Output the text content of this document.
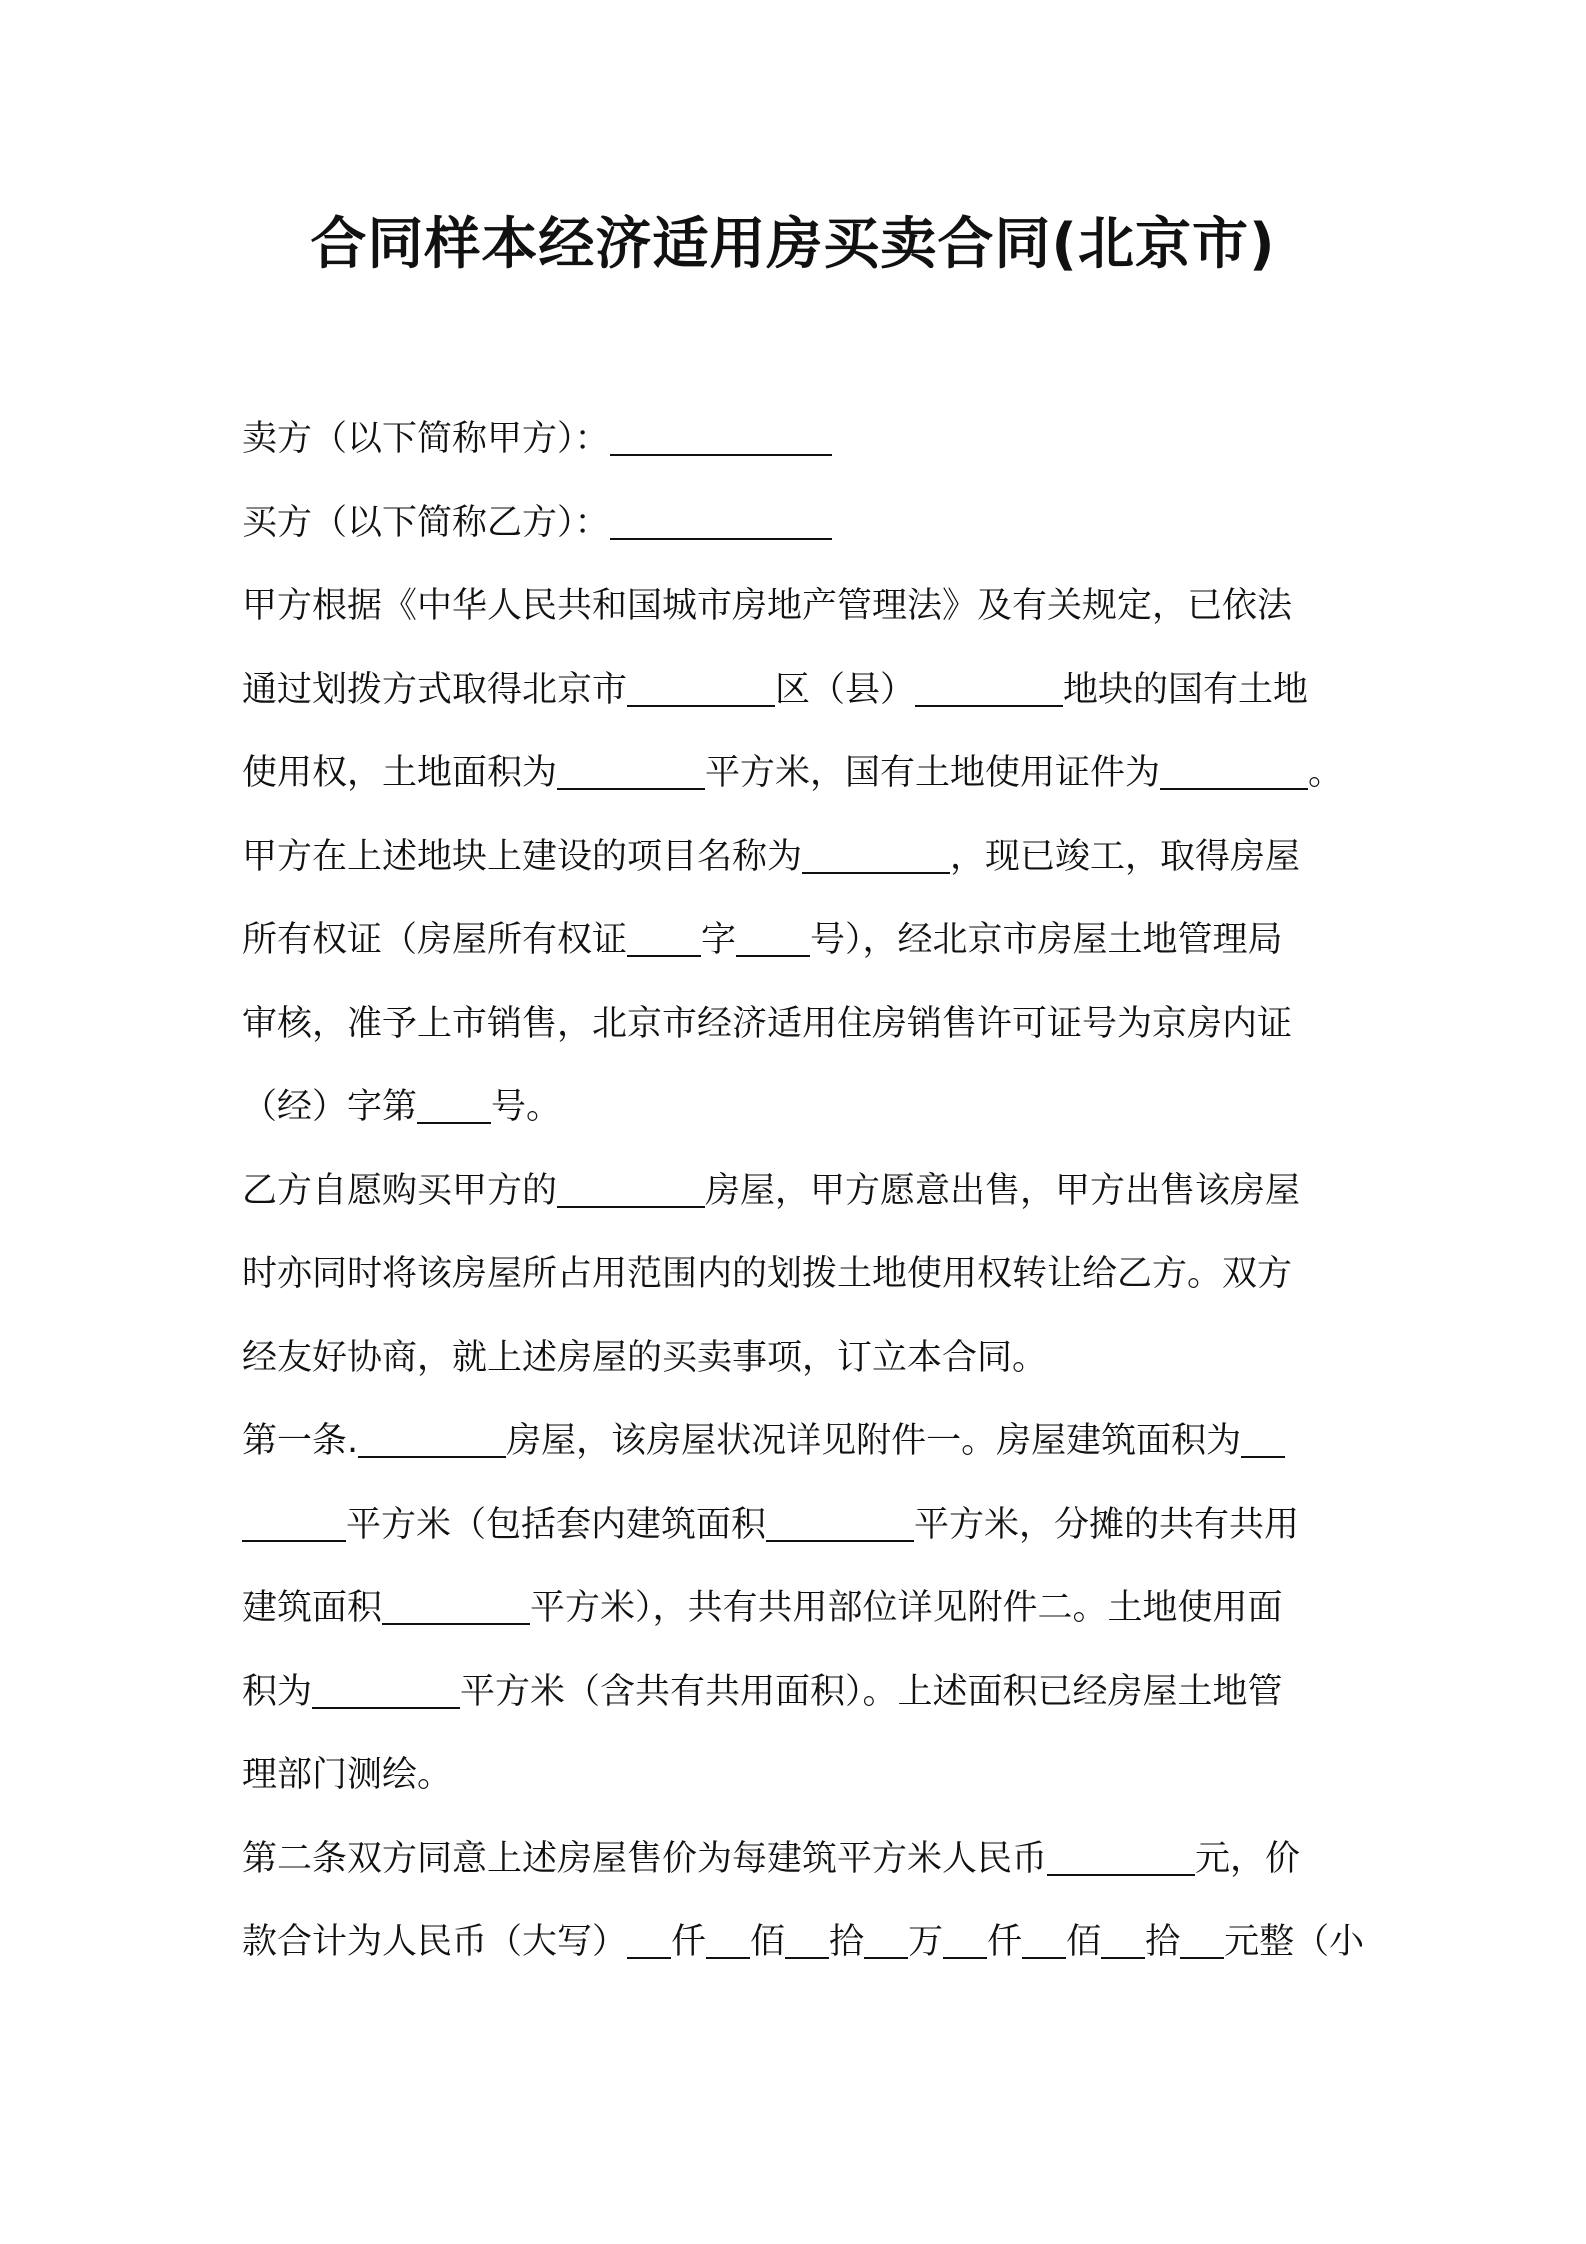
合同样本经济适用房买卖合同(北京市)
卖方（以下简称甲方）：
买方（以下简称乙方）：
甲方根据《中华人民共和国城市房地产管理法》及有关规定，已依法
通过划拨方式取得北京市	区（县）	地块的国有土地
使用权，土地面积为	平方米，国有土地使用证件为	。
甲方在上述地块上建设的项目名称为	，现已竣工，取得房屋
所有权证（房屋所有权证 字 号），经北京市房屋土地管理局
审核，准予上市销售，北京市经济适用住房销售许可证号为京房内证
（经）字第 号。
乙方自愿购买甲方的	房屋，甲方愿意出售，甲方出售该房屋
时亦同时将该房屋所占用范围内的划拨土地使用权转让给乙方。双方
经友好协商，就上述房屋的买卖事项，订立本合同。
第一条.	房屋，该房屋状况详见附件一。房屋建筑面积为
平方米（包括套内建筑面积	平方米，分摊的共有共用
建筑面积	平方米），共有共用部位详见附件二。土地使用面
积为	平方米（含共有共用面积）。上述面积已经房屋土地管
理部门测绘。
第二条双方同意上述房屋售价为每建筑平方米人民币	元，价
款合计为人民币（大写） 仟 佰 拾 万 仟 佰 拾 元整（小
